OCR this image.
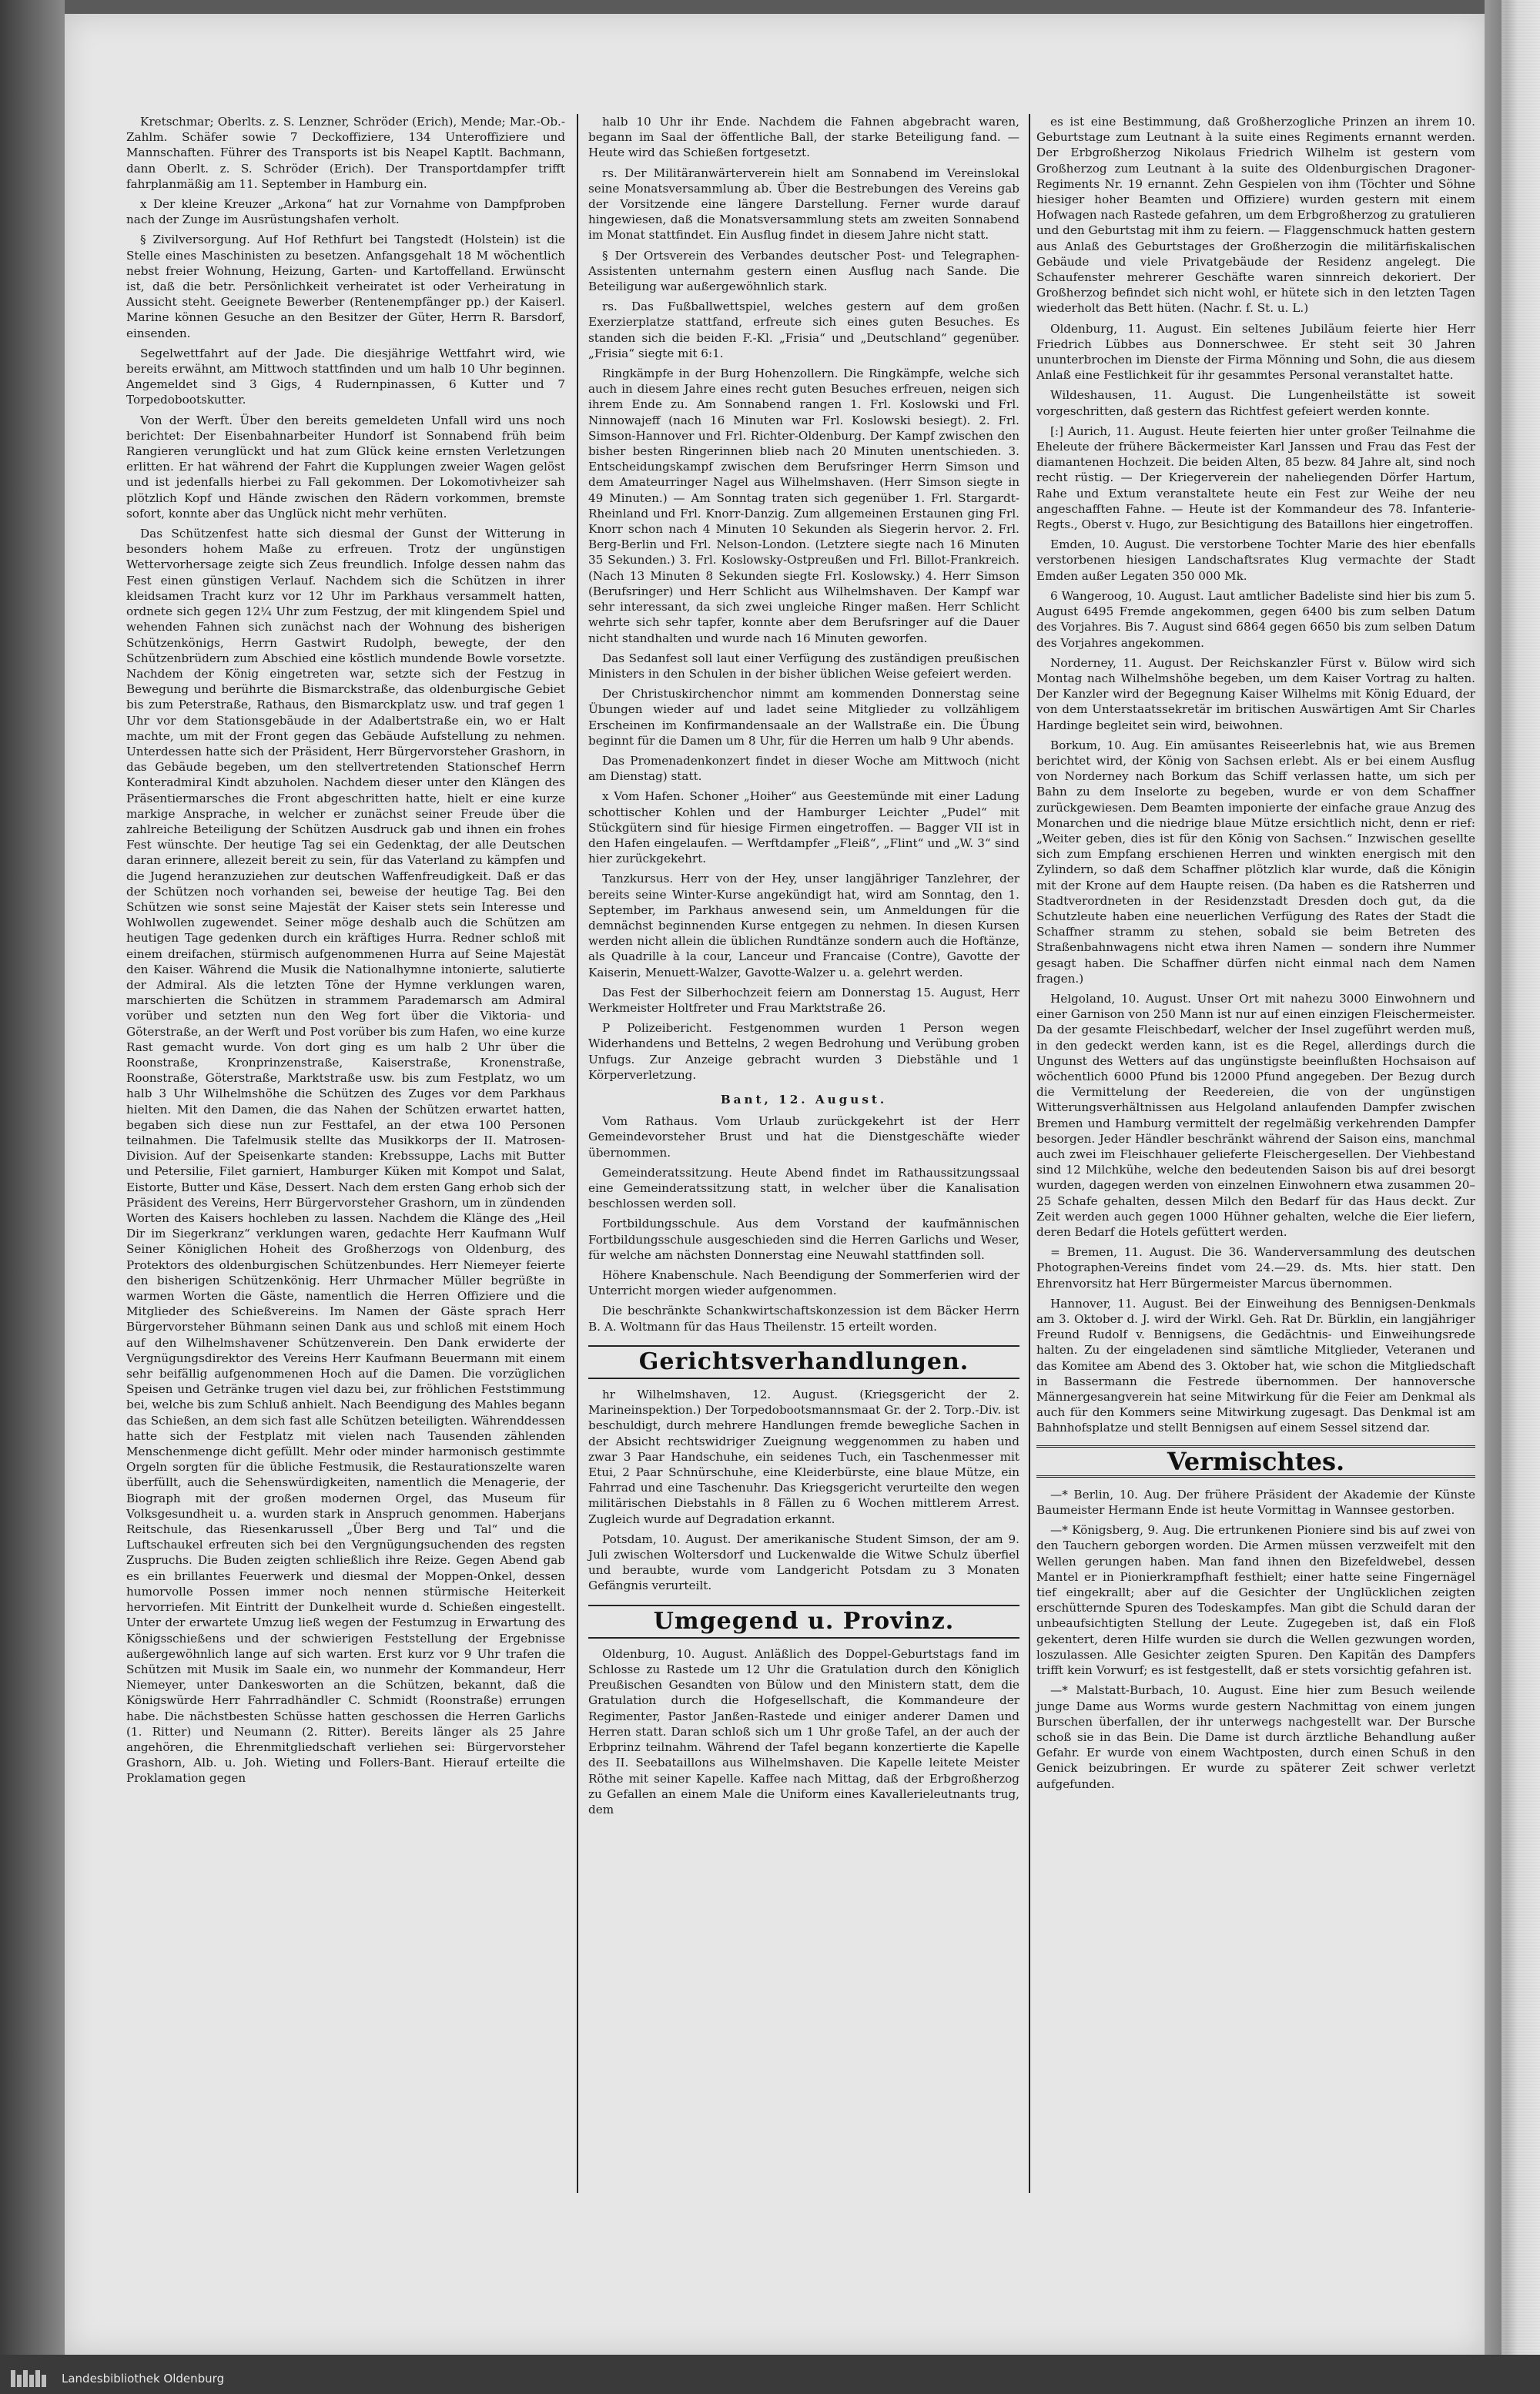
Kretschmar; Oberlts. z. S. Lenzner, Schröder (Erich), Mende; Mar.-Ob.-Zahlm. Schäfer sowie 7 Deckoffiziere, 134 Unteroffiziere und Mannschaften. Führer des Transports ist bis Neapel Kaptlt. Bachmann, dann Oberlt. z. S. Schröder (Erich). Der Transportdampfer trifft fahrplanmäßig am 11. September in Hamburg ein.

x Der kleine Kreuzer „Arkona“ hat zur Vornahme von Dampfproben nach der Zunge im Ausrüstungshafen verholt.

§ Zivilversorgung. Auf Hof Rethfurt bei Tangstedt (Holstein) ist die Stelle eines Maschinisten zu besetzen. Anfangsgehalt 18 M wöchentlich nebst freier Wohnung, Heizung, Garten- und Kartoffelland. Erwünscht ist, daß die betr. Persönlichkeit verheiratet ist oder Verheiratung in Aussicht steht. Geeignete Bewerber (Rentenempfänger pp.) der Kaiserl. Marine können Gesuche an den Besitzer der Güter, Herrn R. Barsdorf, einsenden.

Segelwettfahrt auf der Jade. Die diesjährige Wettfahrt wird, wie bereits erwähnt, am Mittwoch stattfinden und um halb 10 Uhr beginnen. Angemeldet sind 3 Gigs, 4 Rudernpinassen, 6 Kutter und 7 Torpedobootskutter.

Von der Werft. Über den bereits gemeldeten Unfall wird uns noch berichtet: Der Eisenbahnarbeiter Hundorf ist Sonnabend früh beim Rangieren verunglückt und hat zum Glück keine ernsten Verletzungen erlitten. Er hat während der Fahrt die Kupplungen zweier Wagen gelöst und ist jedenfalls hierbei zu Fall gekommen. Der Lokomotivheizer sah plötzlich Kopf und Hände zwischen den Rädern vorkommen, bremste sofort, konnte aber das Unglück nicht mehr verhüten.

Das Schützenfest hatte sich diesmal der Gunst der Witterung in besonders hohem Maße zu erfreuen. Trotz der ungünstigen Wettervorhersage zeigte sich Zeus freundlich. Infolge dessen nahm das Fest einen günstigen Verlauf. Nachdem sich die Schützen in ihrer kleidsamen Tracht kurz vor 12 Uhr im Parkhaus versammelt hatten, ordnete sich gegen 12¼ Uhr zum Festzug, der mit klingendem Spiel und wehenden Fahnen sich zunächst nach der Wohnung des bisherigen Schützenkönigs, Herrn Gastwirt Rudolph, bewegte, der den Schützenbrüdern zum Abschied eine köstlich mundende Bowle vorsetzte. Nachdem der König eingetreten war, setzte sich der Festzug in Bewegung und berührte die Bismarckstraße, das oldenburgische Gebiet bis zum Peterstraße, Rathaus, den Bismarckplatz usw. und traf gegen 1 Uhr vor dem Stationsgebäude in der Adalbertstraße ein, wo er Halt machte, um mit der Front gegen das Gebäude Aufstellung zu nehmen. Unterdessen hatte sich der Präsident, Herr Bürgervorsteher Grashorn, in das Gebäude begeben, um den stellvertretenden Stationschef Herrn Konteradmiral Kindt abzuholen. Nachdem dieser unter den Klängen des Präsentiermarsches die Front abgeschritten hatte, hielt er eine kurze markige Ansprache, in welcher er zunächst seiner Freude über die zahlreiche Beteiligung der Schützen Ausdruck gab und ihnen ein frohes Fest wünschte. Der heutige Tag sei ein Gedenktag, der alle Deutschen daran erinnere, allezeit bereit zu sein, für das Vaterland zu kämpfen und die Jugend heranzuziehen zur deutschen Waffenfreudigkeit. Daß er das der Schützen noch vorhanden sei, beweise der heutige Tag. Bei den Schützen wie sonst seine Majestät der Kaiser stets sein Interesse und Wohlwollen zugewendet. Seiner möge deshalb auch die Schützen am heutigen Tage gedenken durch ein kräftiges Hurra. Redner schloß mit einem dreifachen, stürmisch aufgenommenen Hurra auf Seine Majestät den Kaiser. Während die Musik die Nationalhymne intonierte, salutierte der Admiral. Als die letzten Töne der Hymne verklungen waren, marschierten die Schützen in strammem Parademarsch am Admiral vorüber und setzten nun den Weg fort über die Viktoria- und Göterstraße, an der Werft und Post vorüber bis zum Hafen, wo eine kurze Rast gemacht wurde. Von dort ging es um halb 2 Uhr über die Roonstraße, Kronprinzenstraße, Kaiserstraße, Kronenstraße, Roonstraße, Göterstraße, Marktstraße usw. bis zum Festplatz, wo um halb 3 Uhr Wilhelmshöhe die Schützen des Zuges vor dem Parkhaus hielten. Mit den Damen, die das Nahen der Schützen erwartet hatten, begaben sich diese nun zur Festtafel, an der etwa 100 Personen teilnahmen. Die Tafelmusik stellte das Musikkorps der II. Matrosen-Division. Auf der Speisenkarte standen: Krebssuppe, Lachs mit Butter und Petersilie, Filet garniert, Hamburger Küken mit Kompot und Salat, Eistorte, Butter und Käse, Dessert. Nach dem ersten Gang erhob sich der Präsident des Vereins, Herr Bürgervorsteher Grashorn, um in zündenden Worten des Kaisers hochleben zu lassen. Nachdem die Klänge des „Heil Dir im Siegerkranz“ verklungen waren, gedachte Herr Kaufmann Wulf Seiner Königlichen Hoheit des Großherzogs von Oldenburg, des Protektors des oldenburgischen Schützenbundes. Herr Niemeyer feierte den bisherigen Schützenkönig. Herr Uhrmacher Müller begrüßte in warmen Worten die Gäste, namentlich die Herren Offiziere und die Mitglieder des Schießvereins. Im Namen der Gäste sprach Herr Bürgervorsteher Bühmann seinen Dank aus und schloß mit einem Hoch auf den Wilhelmshavener Schützenverein. Den Dank erwiderte der Vergnügungsdirektor des Vereins Herr Kaufmann Beuermann mit einem sehr beifällig aufgenommenen Hoch auf die Damen. Die vorzüglichen Speisen und Getränke trugen viel dazu bei, zur fröhlichen Feststimmung bei, welche bis zum Schluß anhielt. Nach Beendigung des Mahles begann das Schießen, an dem sich fast alle Schützen beteiligten. Währenddessen hatte sich der Festplatz mit vielen nach Tausenden zählenden Menschenmenge dicht gefüllt. Mehr oder minder harmonisch gestimmte Orgeln sorgten für die übliche Festmusik, die Restaurationszelte waren überfüllt, auch die Sehenswürdigkeiten, namentlich die Menagerie, der Biograph mit der großen modernen Orgel, das Museum für Volksgesundheit u. a. wurden stark in Anspruch genommen. Haberjans Reitschule, das Riesenkarussell „Über Berg und Tal“ und die Luftschaukel erfreuten sich bei den Vergnügungsuchenden des regsten Zuspruchs. Die Buden zeigten schließlich ihre Reize. Gegen Abend gab es ein brillantes Feuerwerk und diesmal der Moppen-Onkel, dessen humorvolle Possen immer noch nennen stürmische Heiterkeit hervorriefen. Mit Eintritt der Dunkelheit wurde d. Schießen eingestellt. Unter der erwartete Umzug ließ wegen der Festumzug in Erwartung des Königsschießens und der schwierigen Feststellung der Ergebnisse außergewöhnlich lange auf sich warten. Erst kurz vor 9 Uhr trafen die Schützen mit Musik im Saale ein, wo nunmehr der Kommandeur, Herr Niemeyer, unter Dankesworten an die Schützen, bekannt, daß die Königswürde Herr Fahrradhändler C. Schmidt (Roonstraße) errungen habe. Die nächstbesten Schüsse hatten geschossen die Herren Garlichs (1. Ritter) und Neumann (2. Ritter). Bereits länger als 25 Jahre angehören, die Ehrenmitgliedschaft verliehen sei: Bürgervorsteher Grashorn, Alb. u. Joh. Wieting und Follers-Bant. Hierauf erteilte die Proklamation gegen

halb 10 Uhr ihr Ende. Nachdem die Fahnen abgebracht waren, begann im Saal der öffentliche Ball, der starke Beteiligung fand. — Heute wird das Schießen fortgesetzt.

rs. Der Militäranwärterverein hielt am Sonnabend im Vereinslokal seine Monatsversammlung ab. Über die Bestrebungen des Vereins gab der Vorsitzende eine längere Darstellung. Ferner wurde darauf hingewiesen, daß die Monatsversammlung stets am zweiten Sonnabend im Monat stattfindet. Ein Ausflug findet in diesem Jahre nicht statt.

§ Der Ortsverein des Verbandes deutscher Post- und Telegraphen-Assistenten unternahm gestern einen Ausflug nach Sande. Die Beteiligung war außergewöhnlich stark.

rs. Das Fußballwettspiel, welches gestern auf dem großen Exerzierplatze stattfand, erfreute sich eines guten Besuches. Es standen sich die beiden F.-Kl. „Frisia“ und „Deutschland“ gegenüber. „Frisia“ siegte mit 6:1.

Ringkämpfe in der Burg Hohenzollern. Die Ringkämpfe, welche sich auch in diesem Jahre eines recht guten Besuches erfreuen, neigen sich ihrem Ende zu. Am Sonnabend rangen 1. Frl. Koslowski und Frl. Ninnowajeff (nach 16 Minuten war Frl. Koslowski besiegt). 2. Frl. Simson-Hannover und Frl. Richter-Oldenburg. Der Kampf zwischen den bisher besten Ringerinnen blieb nach 20 Minuten unentschieden. 3. Entscheidungskampf zwischen dem Berufsringer Herrn Simson und dem Amateurringer Nagel aus Wilhelmshaven. (Herr Simson siegte in 49 Minuten.) — Am Sonntag traten sich gegenüber 1. Frl. Stargardt-Rheinland und Frl. Knorr-Danzig. Zum allgemeinen Erstaunen ging Frl. Knorr schon nach 4 Minuten 10 Sekunden als Siegerin hervor. 2. Frl. Berg-Berlin und Frl. Nelson-London. (Letztere siegte nach 16 Minuten 35 Sekunden.) 3. Frl. Koslowsky-Ostpreußen und Frl. Billot-Frankreich. (Nach 13 Minuten 8 Sekunden siegte Frl. Koslowsky.) 4. Herr Simson (Berufsringer) und Herr Schlicht aus Wilhelmshaven. Der Kampf war sehr interessant, da sich zwei ungleiche Ringer maßen. Herr Schlicht wehrte sich sehr tapfer, konnte aber dem Berufsringer auf die Dauer nicht standhalten und wurde nach 16 Minuten geworfen.

Das Sedanfest soll laut einer Verfügung des zuständigen preußischen Ministers in den Schulen in der bisher üblichen Weise gefeiert werden.

Der Christuskirchenchor nimmt am kommenden Donnerstag seine Übungen wieder auf und ladet seine Mitglieder zu vollzähligem Erscheinen im Konfirmandensaale an der Wallstraße ein. Die Übung beginnt für die Damen um 8 Uhr, für die Herren um halb 9 Uhr abends.

Das Promenadenkonzert findet in dieser Woche am Mittwoch (nicht am Dienstag) statt.

x Vom Hafen. Schoner „Hoiher“ aus Geestemünde mit einer Ladung schottischer Kohlen und der Hamburger Leichter „Pudel“ mit Stückgütern sind für hiesige Firmen eingetroffen. — Bagger VII ist in den Hafen eingelaufen. — Werftdampfer „Fleiß“, „Flint“ und „W. 3“ sind hier zurückgekehrt.

Tanzkursus. Herr von der Hey, unser langjähriger Tanzlehrer, der bereits seine Winter-Kurse angekündigt hat, wird am Sonntag, den 1. September, im Parkhaus anwesend sein, um Anmeldungen für die demnächst beginnenden Kurse entgegen zu nehmen. In diesen Kursen werden nicht allein die üblichen Rundtänze sondern auch die Hoftänze, als Quadrille à la cour, Lanceur und Francaise (Contre), Gavotte der Kaiserin, Menuett-Walzer, Gavotte-Walzer u. a. gelehrt werden.

Das Fest der Silberhochzeit feiern am Donnerstag 15. August, Herr Werkmeister Holtfreter und Frau Marktstraße 26.

P Polizeibericht. Festgenommen wurden 1 Person wegen Widerhandens und Bettelns, 2 wegen Bedrohung und Verübung groben Unfugs. Zur Anzeige gebracht wurden 3 Diebstähle und 1 Körperverletzung.

Bant, 12. August.

Vom Rathaus. Vom Urlaub zurückgekehrt ist der Herr Gemeindevorsteher Brust und hat die Dienstgeschäfte wieder übernommen.

Gemeinderatssitzung. Heute Abend findet im Rathaussitzungssaal eine Gemeinderatssitzung statt, in welcher über die Kanalisation beschlossen werden soll.

Fortbildungsschule. Aus dem Vorstand der kaufmännischen Fortbildungsschule ausgeschieden sind die Herren Garlichs und Weser, für welche am nächsten Donnerstag eine Neuwahl stattfinden soll.

Höhere Knabenschule. Nach Beendigung der Sommerferien wird der Unterricht morgen wieder aufgenommen.

Die beschränkte Schankwirtschaftskonzession ist dem Bäcker Herrn B. A. Woltmann für das Haus Theilenstr. 15 erteilt worden.

Gerichtsverhandlungen.

hr Wilhelmshaven, 12. August. (Kriegsgericht der 2. Marineinspektion.) Der Torpedobootsmannsmaat Gr. der 2. Torp.-Div. ist beschuldigt, durch mehrere Handlungen fremde bewegliche Sachen in der Absicht rechtswidriger Zueignung weggenommen zu haben und zwar 3 Paar Handschuhe, ein seidenes Tuch, ein Taschenmesser mit Etui, 2 Paar Schnürschuhe, eine Kleiderbürste, eine blaue Mütze, ein Fahrrad und eine Taschenuhr. Das Kriegsgericht verurteilte den wegen militärischen Diebstahls in 8 Fällen zu 6 Wochen mittlerem Arrest. Zugleich wurde auf Degradation erkannt.

Potsdam, 10. August. Der amerikanische Student Simson, der am 9. Juli zwischen Woltersdorf und Luckenwalde die Witwe Schulz überfiel und beraubte, wurde vom Landgericht Potsdam zu 3 Monaten Gefängnis verurteilt.

Umgegend u. Provinz.

Oldenburg, 10. August. Anläßlich des Doppel-Geburtstags fand im Schlosse zu Rastede um 12 Uhr die Gratulation durch den Königlich Preußischen Gesandten von Bülow und den Ministern statt, dem die Gratulation durch die Hofgesellschaft, die Kommandeure der Regimenter, Pastor Janßen-Rastede und einiger anderer Damen und Herren statt. Daran schloß sich um 1 Uhr große Tafel, an der auch der Erbprinz teilnahm. Während der Tafel begann konzertierte die Kapelle des II. Seebataillons aus Wilhelmshaven. Die Kapelle leitete Meister Röthe mit seiner Kapelle. Kaffee nach Mittag, daß der Erbgroßherzog zu Gefallen an einem Male die Uniform eines Kavallerieleutnants trug, dem

es ist eine Bestimmung, daß Großherzogliche Prinzen an ihrem 10. Geburtstage zum Leutnant à la suite eines Regiments ernannt werden. Der Erbgroßherzog Nikolaus Friedrich Wilhelm ist gestern vom Großherzog zum Leutnant à la suite des Oldenburgischen Dragoner-Regiments Nr. 19 ernannt. Zehn Gespielen von ihm (Töchter und Söhne hiesiger hoher Beamten und Offiziere) wurden gestern mit einem Hofwagen nach Rastede gefahren, um dem Erbgroßherzog zu gratulieren und den Geburtstag mit ihm zu feiern. — Flaggenschmuck hatten gestern aus Anlaß des Geburtstages der Großherzogin die militärfiskalischen Gebäude und viele Privatgebäude der Residenz angelegt. Die Schaufenster mehrerer Geschäfte waren sinnreich dekoriert. Der Großherzog befindet sich nicht wohl, er hütete sich in den letzten Tagen wiederholt das Bett hüten. (Nachr. f. St. u. L.)

Oldenburg, 11. August. Ein seltenes Jubiläum feierte hier Herr Friedrich Lübbes aus Donnerschwee. Er steht seit 30 Jahren ununterbrochen im Dienste der Firma Mönning und Sohn, die aus diesem Anlaß eine Festlichkeit für ihr gesammtes Personal veranstaltet hatte.

Wildeshausen, 11. August. Die Lungenheilstätte ist soweit vorgeschritten, daß gestern das Richtfest gefeiert werden konnte.

[:] Aurich, 11. August. Heute feierten hier unter großer Teilnahme die Eheleute der frühere Bäckermeister Karl Janssen und Frau das Fest der diamantenen Hochzeit. Die beiden Alten, 85 bezw. 84 Jahre alt, sind noch recht rüstig. — Der Kriegerverein der naheliegenden Dörfer Hartum, Rahe und Extum veranstaltete heute ein Fest zur Weihe der neu angeschafften Fahne. — Heute ist der Kommandeur des 78. Infanterie-Regts., Oberst v. Hugo, zur Besichtigung des Bataillons hier eingetroffen.

Emden, 10. August. Die verstorbene Tochter Marie des hier ebenfalls verstorbenen hiesigen Landschaftsrates Klug vermachte der Stadt Emden außer Legaten 350 000 Mk.

6 Wangeroog, 10. August. Laut amtlicher Badeliste sind hier bis zum 5. August 6495 Fremde angekommen, gegen 6400 bis zum selben Datum des Vorjahres. Bis 7. August sind 6864 gegen 6650 bis zum selben Datum des Vorjahres angekommen.

Norderney, 11. August. Der Reichskanzler Fürst v. Bülow wird sich Montag nach Wilhelmshöhe begeben, um dem Kaiser Vortrag zu halten. Der Kanzler wird der Begegnung Kaiser Wilhelms mit König Eduard, der von dem Unterstaatssekretär im britischen Auswärtigen Amt Sir Charles Hardinge begleitet sein wird, beiwohnen.

Borkum, 10. Aug. Ein amüsantes Reiseerlebnis hat, wie aus Bremen berichtet wird, der König von Sachsen erlebt. Als er bei einem Ausflug von Norderney nach Borkum das Schiff verlassen hatte, um sich per Bahn zu dem Inselorte zu begeben, wurde er von dem Schaffner zurückgewiesen. Dem Beamten imponierte der einfache graue Anzug des Monarchen und die niedrige blaue Mütze ersichtlich nicht, denn er rief: „Weiter geben, dies ist für den König von Sachsen.“ Inzwischen gesellte sich zum Empfang erschienen Herren und winkten energisch mit den Zylindern, so daß dem Schaffner plötzlich klar wurde, daß die Königin mit der Krone auf dem Haupte reisen. (Da haben es die Ratsherren und Stadtverordneten in der Residenzstadt Dresden doch gut, da die Schutzleute haben eine neuerlichen Verfügung des Rates der Stadt die Schaffner stramm zu stehen, sobald sie beim Betreten des Straßenbahnwagens nicht etwa ihren Namen — sondern ihre Nummer gesagt haben. Die Schaffner dürfen nicht einmal nach dem Namen fragen.)

Helgoland, 10. August. Unser Ort mit nahezu 3000 Einwohnern und einer Garnison von 250 Mann ist nur auf einen einzigen Fleischermeister. Da der gesamte Fleischbedarf, welcher der Insel zugeführt werden muß, in den gedeckt werden kann, ist es die Regel, allerdings durch die Ungunst des Wetters auf das ungünstigste beeinflußten Hochsaison auf wöchentlich 6000 Pfund bis 12000 Pfund angegeben. Der Bezug durch die Vermittelung der Reedereien, die von der ungünstigen Witterungsverhältnissen aus Helgoland anlaufenden Dampfer zwischen Bremen und Hamburg vermittelt der regelmäßig verkehrenden Dampfer besorgen. Jeder Händler beschränkt während der Saison eins, manchmal auch zwei im Fleischhauer gelieferte Fleischergesellen. Der Viehbestand sind 12 Milchkühe, welche den bedeutenden Saison bis auf drei besorgt wurden, dagegen werden von einzelnen Einwohnern etwa zusammen 20–25 Schafe gehalten, dessen Milch den Bedarf für das Haus deckt. Zur Zeit werden auch gegen 1000 Hühner gehalten, welche die Eier liefern, deren Bedarf die Hotels gefüttert werden.

= Bremen, 11. August. Die 36. Wanderversammlung des deutschen Photographen-Vereins findet vom 24.—29. ds. Mts. hier statt. Den Ehrenvorsitz hat Herr Bürgermeister Marcus übernommen.

Hannover, 11. August. Bei der Einweihung des Bennigsen-Denkmals am 3. Oktober d. J. wird der Wirkl. Geh. Rat Dr. Bürklin, ein langjähriger Freund Rudolf v. Bennigsens, die Gedächtnis- und Einweihungsrede halten. Zu der eingeladenen sind sämtliche Mitglieder, Veteranen und das Komitee am Abend des 3. Oktober hat, wie schon die Mitgliedschaft in Bassermann die Festrede übernommen. Der hannoversche Männergesangverein hat seine Mitwirkung für die Feier am Denkmal als auch für den Kommers seine Mitwirkung zugesagt. Das Denkmal ist am Bahnhofsplatze und stellt Bennigsen auf einem Sessel sitzend dar.

Vermischtes.

—* Berlin, 10. Aug. Der frühere Präsident der Akademie der Künste Baumeister Hermann Ende ist heute Vormittag in Wannsee gestorben.

—* Königsberg, 9. Aug. Die ertrunkenen Pioniere sind bis auf zwei von den Tauchern geborgen worden. Die Armen müssen verzweifelt mit den Wellen gerungen haben. Man fand ihnen den Bizefeldwebel, dessen Mantel er in Pionierkrampfhaft festhielt; einer hatte seine Fingernägel tief eingekrallt; aber auf die Gesichter der Unglücklichen zeigten erschütternde Spuren des Todeskampfes. Man gibt die Schuld daran der unbeaufsichtigten Stellung der Leute. Zugegeben ist, daß ein Floß gekentert, deren Hilfe wurden sie durch die Wellen gezwungen worden, loszulassen. Alle Gesichter zeigten Spuren. Den Kapitän des Dampfers trifft kein Vorwurf; es ist festgestellt, daß er stets vorsichtig gefahren ist.

—* Malstatt-Burbach, 10. August. Eine hier zum Besuch weilende junge Dame aus Worms wurde gestern Nachmittag von einem jungen Burschen überfallen, der ihr unterwegs nachgestellt war. Der Bursche schoß sie in das Bein. Die Dame ist durch ärztliche Behandlung außer Gefahr. Er wurde von einem Wachtposten, durch einen Schuß in den Genick beizubringen. Er wurde zu späterer Zeit schwer verletzt aufgefunden.

Landesbibliothek Oldenburg
